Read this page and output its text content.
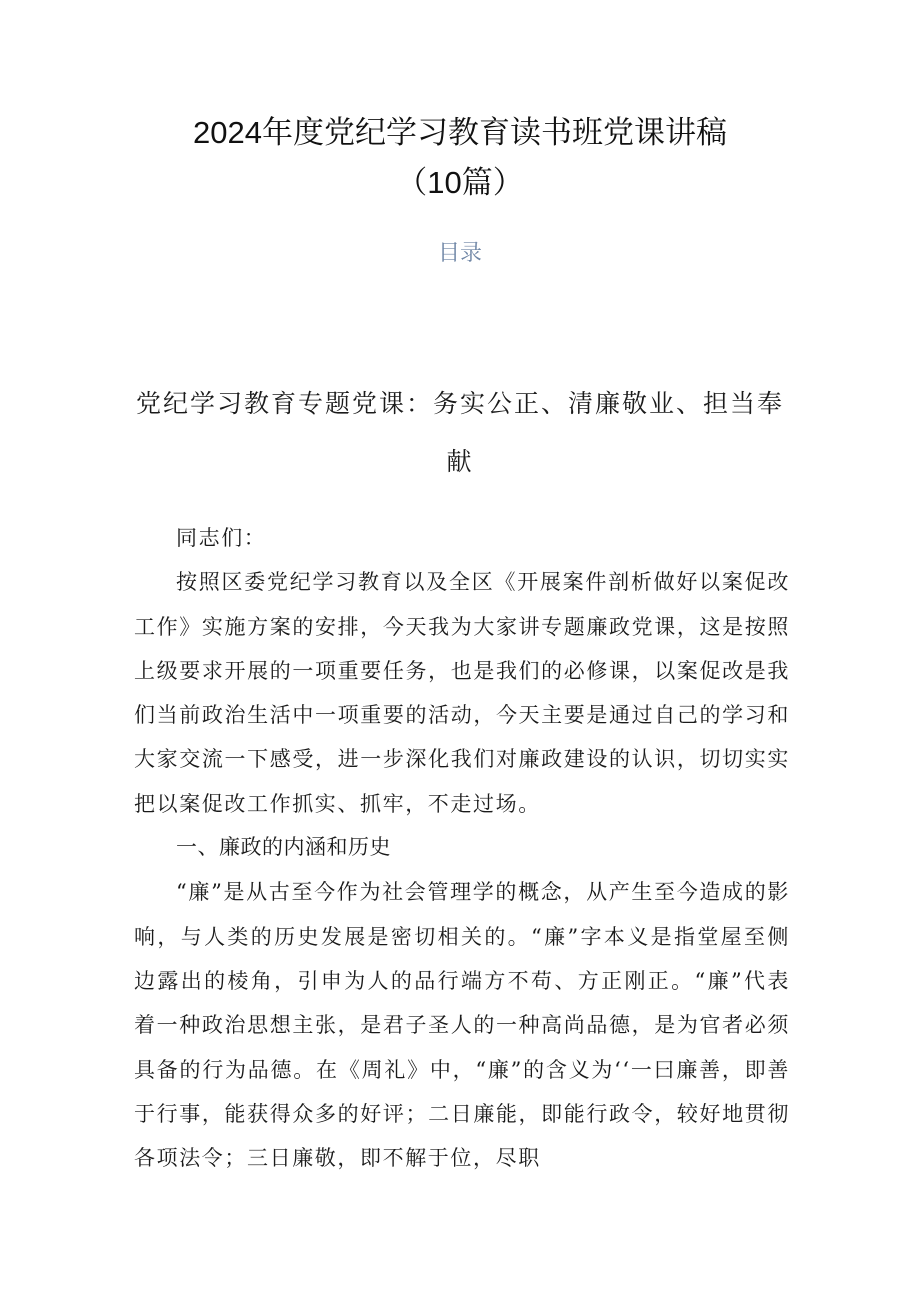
2024年度党纪学习教育读书班党课讲稿
（10篇）
目录
党纪学习教育专题党课：务实公正、清廉敬业、担当奉献

同志们：

按照区委党纪学习教育以及全区《开展案件剖析做好以案促改工作》实施方案的安排，今天我为大家讲专题廉政党课，这是按照上级要求开展的一项重要任务，也是我们的必修课，以案促改是我们当前政治生活中一项重要的活动，今天主要是通过自己的学习和大家交流一下感受，进一步深化我们对廉政建设的认识，切切实实把以案促改工作抓实、抓牢，不走过场。

一、廉政的内涵和历史

“廉”是从古至今作为社会管理学的概念，从产生至今造成的影响，与人类的历史发展是密切相关的。“廉”字本义是指堂屋至侧边露出的棱角，引申为人的品行端方不苟、方正刚正。“廉”代表着一种政治思想主张，是君子圣人的一种高尚品德，是为官者必须具备的行为品德。在《周礼》中，“廉”的含义为‘‘一曰廉善，即善于行事，能获得众多的好评；二日廉能，即能行政令，较好地贯彻各项法令；三日廉敬，即不解于位，尽职
